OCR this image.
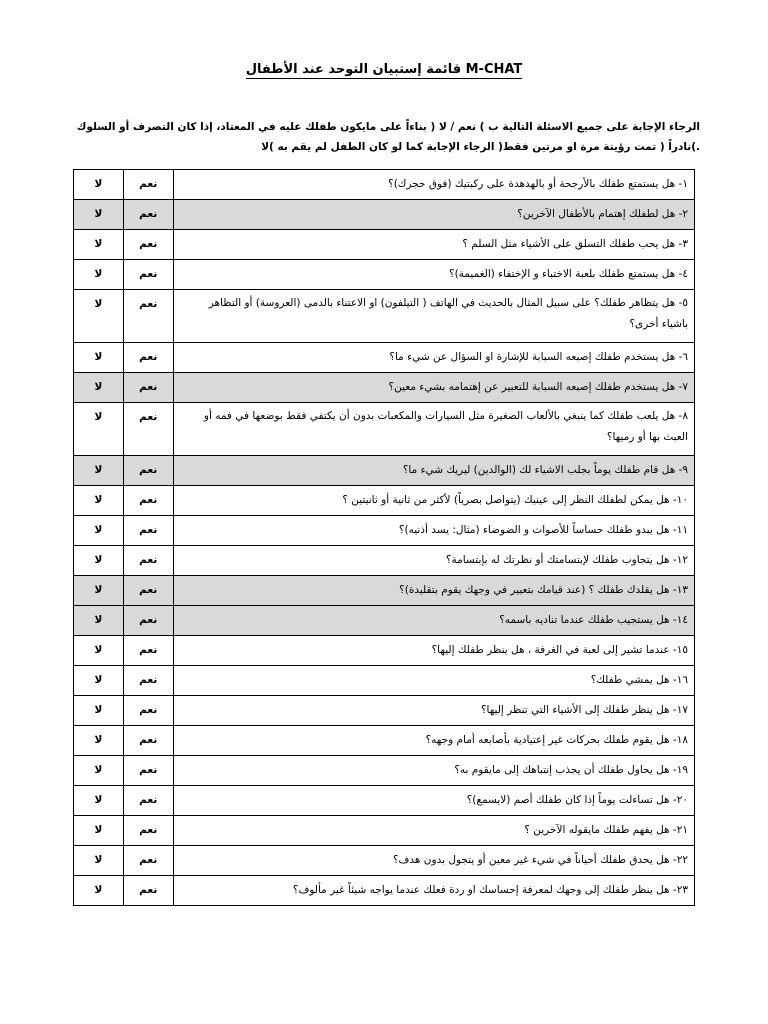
M-CHAT قائمة إستبيان التوحد عند الأطفال
الرجاء الإجابة على جميع الاسئلة التالية ب ) نعم / لا ( بناءاً على مايكون طفلك عليه في المعتاد، إذا كان التصرف أو السلوك
.)نادراً ( تمت رؤيتة مرة او مرتين فقط( الرجاء الإجابة كما لو كان الطفل لم يقم به )لا
١- هل يستمتع طفلك بالأرجحة أو بالهدهدة على ركبتيك (فوق حجرك)؟	نعم	لا
٢- هل لطفلك إهتمام بالأطفال الآخرين؟	نعم	لا
٣- هل يحب طفلك التسلق على الأشياء مثل السلم ؟	نعم	لا
٤- هل يستمتع طفلك بلعبة الاختباء و الإختفاء (الغميمة)؟	نعم	لا
٥- هل يتظاهر طفلك؟ على سبيل المثال بالحديث في الهاتف ( التيلفون) او الاعتناء بالدمى (العروسة) أو التظاهر باشياء أخرى؟	نعم	لا
٦- هل يستخدم طفلك إصبعه السبابة للإشارة او السؤال عن شيء ما؟	نعم	لا
٧- هل يستخدم طفلك إصبعه السبابة للتعبير عن إهتمامه بشيء معين؟	نعم	لا
٨- هل يلعب طفلك كما ينبغي بالألعاب الصغيرة مثل السيارات والمكعبات بدون أن يكتفي فقط بوضعها في فمه أو العبث بها أو رميها؟	نعم	لا
٩- هل قام طفلك يوماً بجلب الاشياء لك (الوالدين) ليريك شيء ما؟	نعم	لا
١٠- هل يمكن لطفلك النظر إلى عينيك (يتواصل بصرياً) لأكثر من ثانية أو ثانيتين ؟	نعم	لا
١١- هل يبدو طفلك حساساً للأصوات و الضوضاء (مثال: يسد أذنيه)؟	نعم	لا
١٢- هل يتجاوب طفلك لإبتسامتك أو نظرتك له بإبتسامة؟	نعم	لا
١٣- هل يقلدك طفلك ؟ (عند قيامك بتعبير في وجهك يقوم بتقليدة)؟	نعم	لا
١٤- هل يستجيب طفلك عندما تناديه باسمه؟	نعم	لا
١٥- عندما تشير إلى لعبة في الغرفة ، هل ينظر طفلك إليها؟	نعم	لا
١٦- هل يمشي طفلك؟	نعم	لا
١٧- هل ينظر طفلك إلى الأشياء التي تنظر إليها؟	نعم	لا
١٨- هل يقوم طفلك بحركات غير إعتيادية بأصابعه أمام وجهه؟	نعم	لا
١٩- هل يحاول طفلك أن يجذب إنتباهك إلى مايقوم به؟	نعم	لا
٢٠- هل تساءلت يوماً إذا كان طفلك أصم (لايسمع)؟	نعم	لا
٢١- هل يفهم طفلك مايقوله الآخرين ؟	نعم	لا
٢٢- هل يحدق طفلك أحياناً في شيء غير معين أو يتجول بدون هدف؟	نعم	لا
٢٣- هل ينظر طفلك إلى وجهك لمعرفة إحساسك او ردة فعلك عندما يواجه شيئاً غير مألوف؟	نعم	لا
